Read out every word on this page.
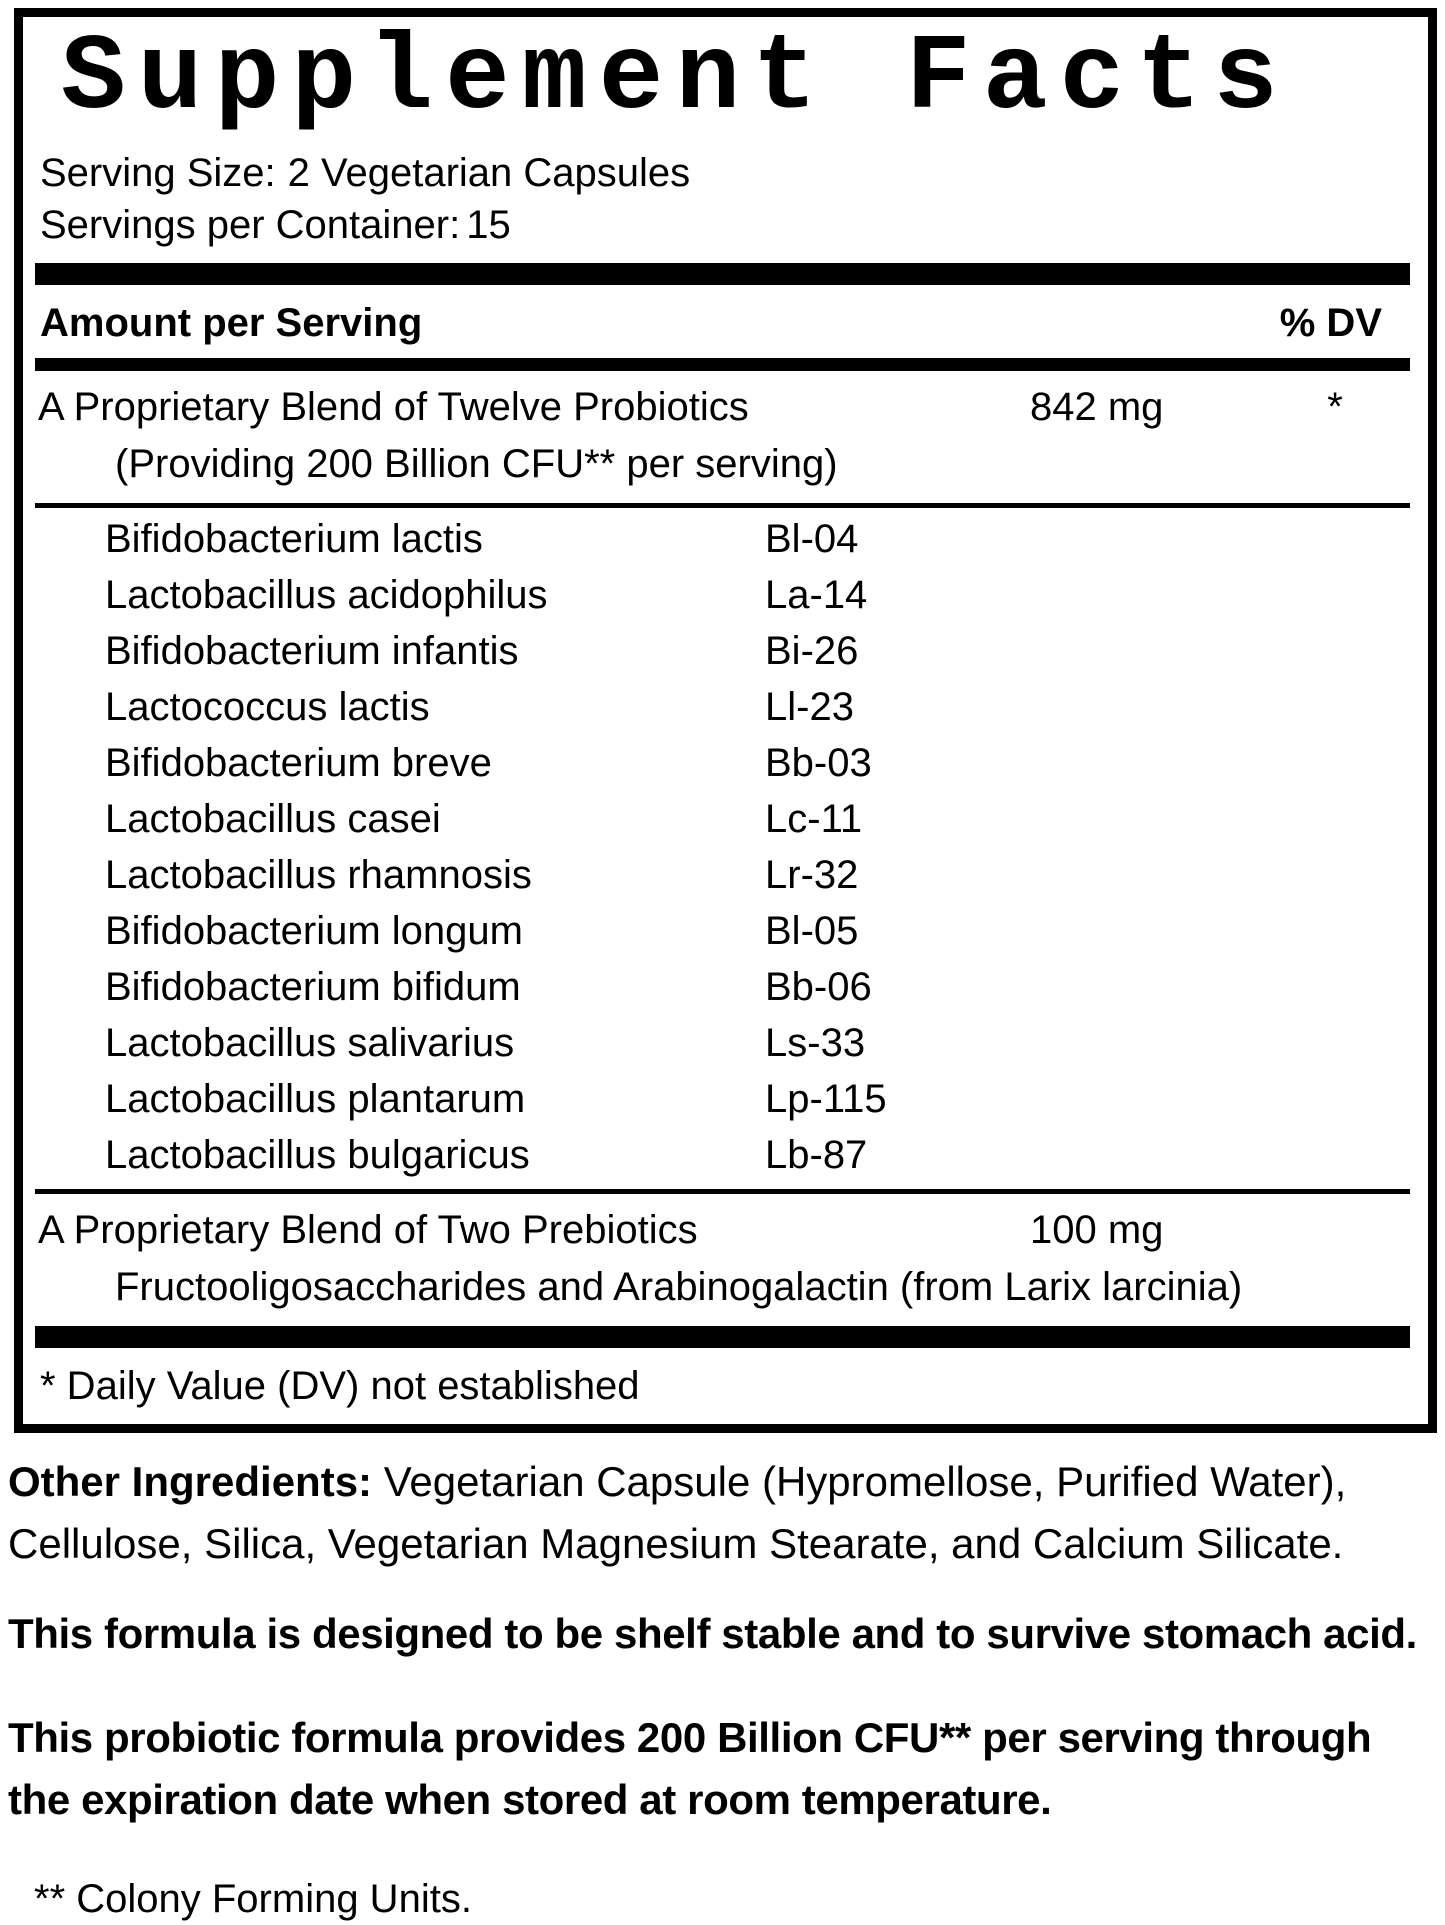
Supplement Facts
Serving Size: 2 Vegetarian Capsules
Servings per Container: 15
Amount per Serving	% DV
A Proprietary Blend of Twelve Probiotics	842 mg	*
(Providing 200 Billion CFU** per serving)
Bifidobacterium lactis	Bl-04
Lactobacillus acidophilus	La-14
Bifidobacterium infantis	Bi-26
Lactococcus lactis	Ll-23
Bifidobacterium breve	Bb-03
Lactobacillus casei	Lc-11
Lactobacillus rhamnosis	Lr-32
Bifidobacterium longum	Bl-05
Bifidobacterium bifidum	Bb-06
Lactobacillus salivarius	Ls-33
Lactobacillus plantarum	Lp-115
Lactobacillus bulgaricus	Lb-87
A Proprietary Blend of Two Prebiotics	100 mg
Fructooligosaccharides and Arabinogalactin (from Larix larcinia)
* Daily Value (DV) not established

Other Ingredients: Vegetarian Capsule (Hypromellose, Purified Water),
Cellulose, Silica, Vegetarian Magnesium Stearate, and Calcium Silicate.

This formula is designed to be shelf stable and to survive stomach acid.

This probiotic formula provides 200 Billion CFU** per serving through
the expiration date when stored at room temperature.

** Colony Forming Units.
